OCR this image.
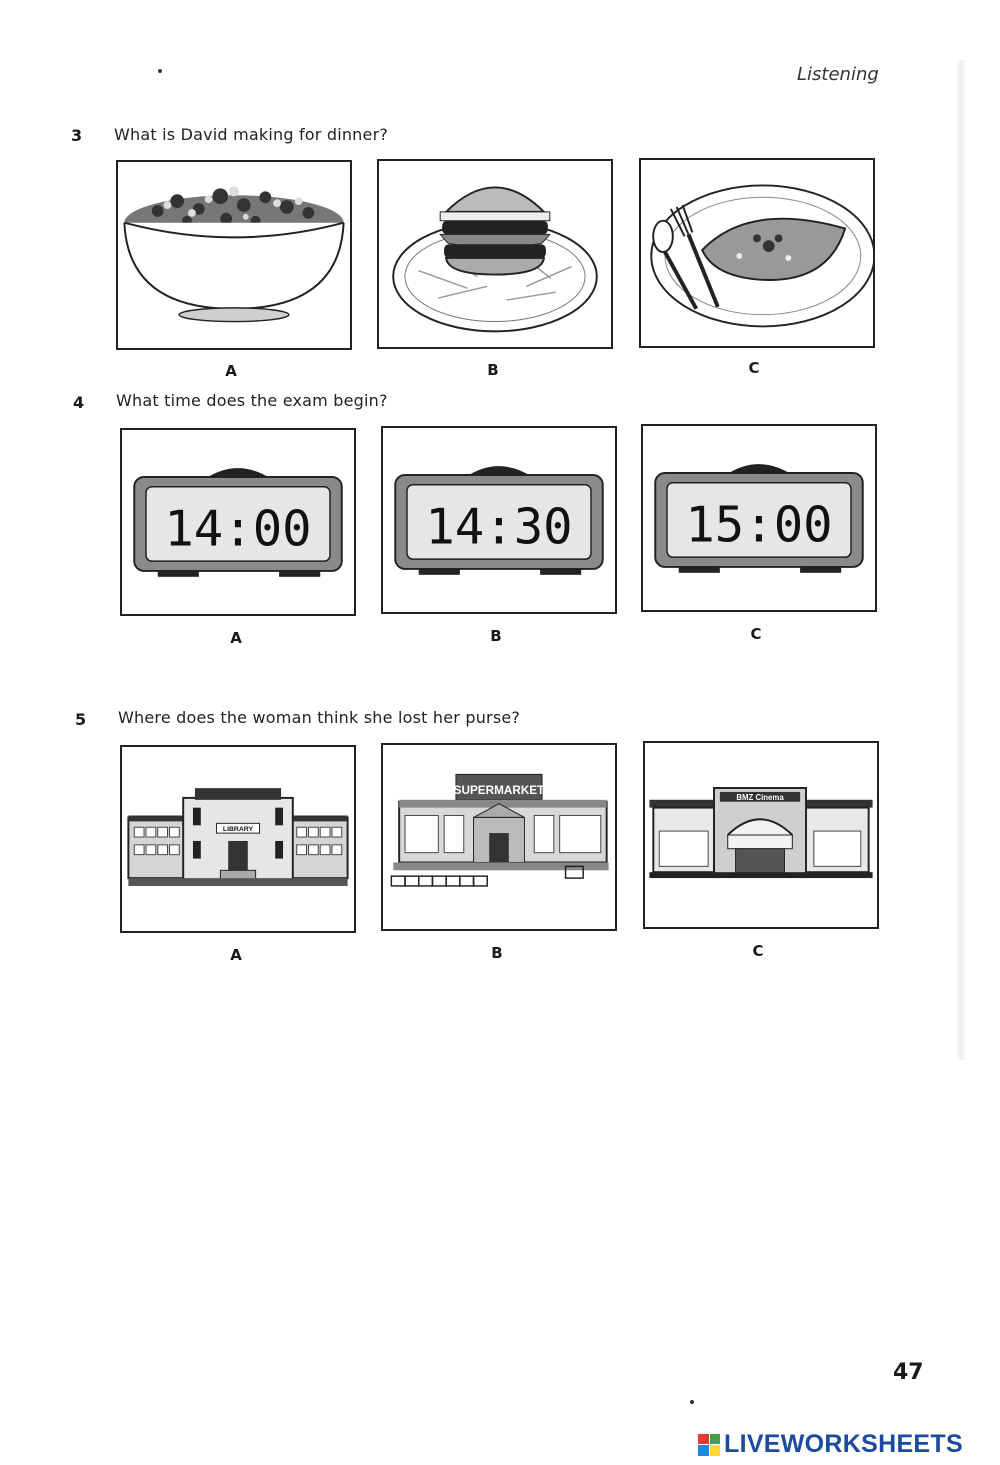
Listening
3 What is David making for dinner?
A	B	C
4 What time does the exam begin?
14:00 14:30 15:00
A	B	C
5 Where does the woman think she lost her purse?
LIBRARY
SUPERMARKET
BMZ Cinema
A	B	C
47
LIVEWORKSHEETS
